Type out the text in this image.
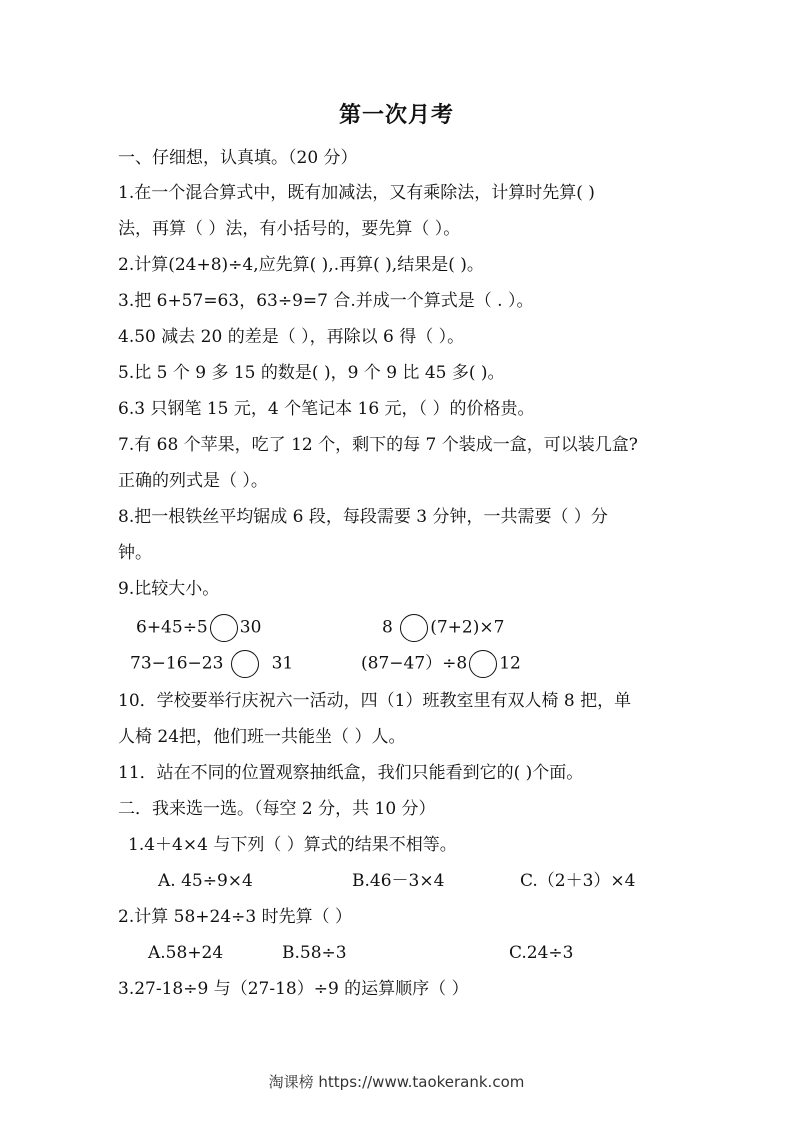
第一次月考
一、仔细想，认真填。（20 分）
1.在一个混合算式中，既有加减法，又有乘除法，计算时先算( )
法，再算（ ）法，有小括号的，要先算（ ）。
2.计算(24+8)÷4,应先算( ),.再算( ),结果是( )。
3.把 6+57=63，63÷9=7 合.并成一个算式是（ . ）。
4.50 减去 20 的差是（ ），再除以 6 得（ ）。
5.比 5 个 9 多 15 的数是( )，9 个 9 比 45 多( )。
6.3 只钢笔 15 元，4 个笔记本 16 元，（ ）的价格贵。
7.有 68 个苹果，吃了 12 个，剩下的每 7 个装成一盒，可以装几盒?
正确的列式是（ ）。
8.把一根铁丝平均锯成 6 段，每段需要 3 分钟，一共需要（ ）分
钟。
9.比较大小。
6+45÷5 30	8 (7+2)×7
73−16−23	31	(87−47）÷8 12
10．学校要举行庆祝六一活动，四（1）班教室里有双人椅 8 把，单
人椅 24把，他们班一共能坐（ ）人。
11．站在不同的位置观察抽纸盒，我们只能看到它的( )个面。
二．我来选一选。（每空 2 分，共 10 分）
1.4＋4×4 与下列（ ）算式的结果不相等。
A. 45÷9×4	B.46－3×4	C.（2＋3）×4
2.计算 58+24÷3 时先算（ ）
A.58+24	B.58÷3	C.24÷3
3.27-18÷9 与（27-18）÷9 的运算顺序（ ）
淘课榜 https://www.taokerank.com
